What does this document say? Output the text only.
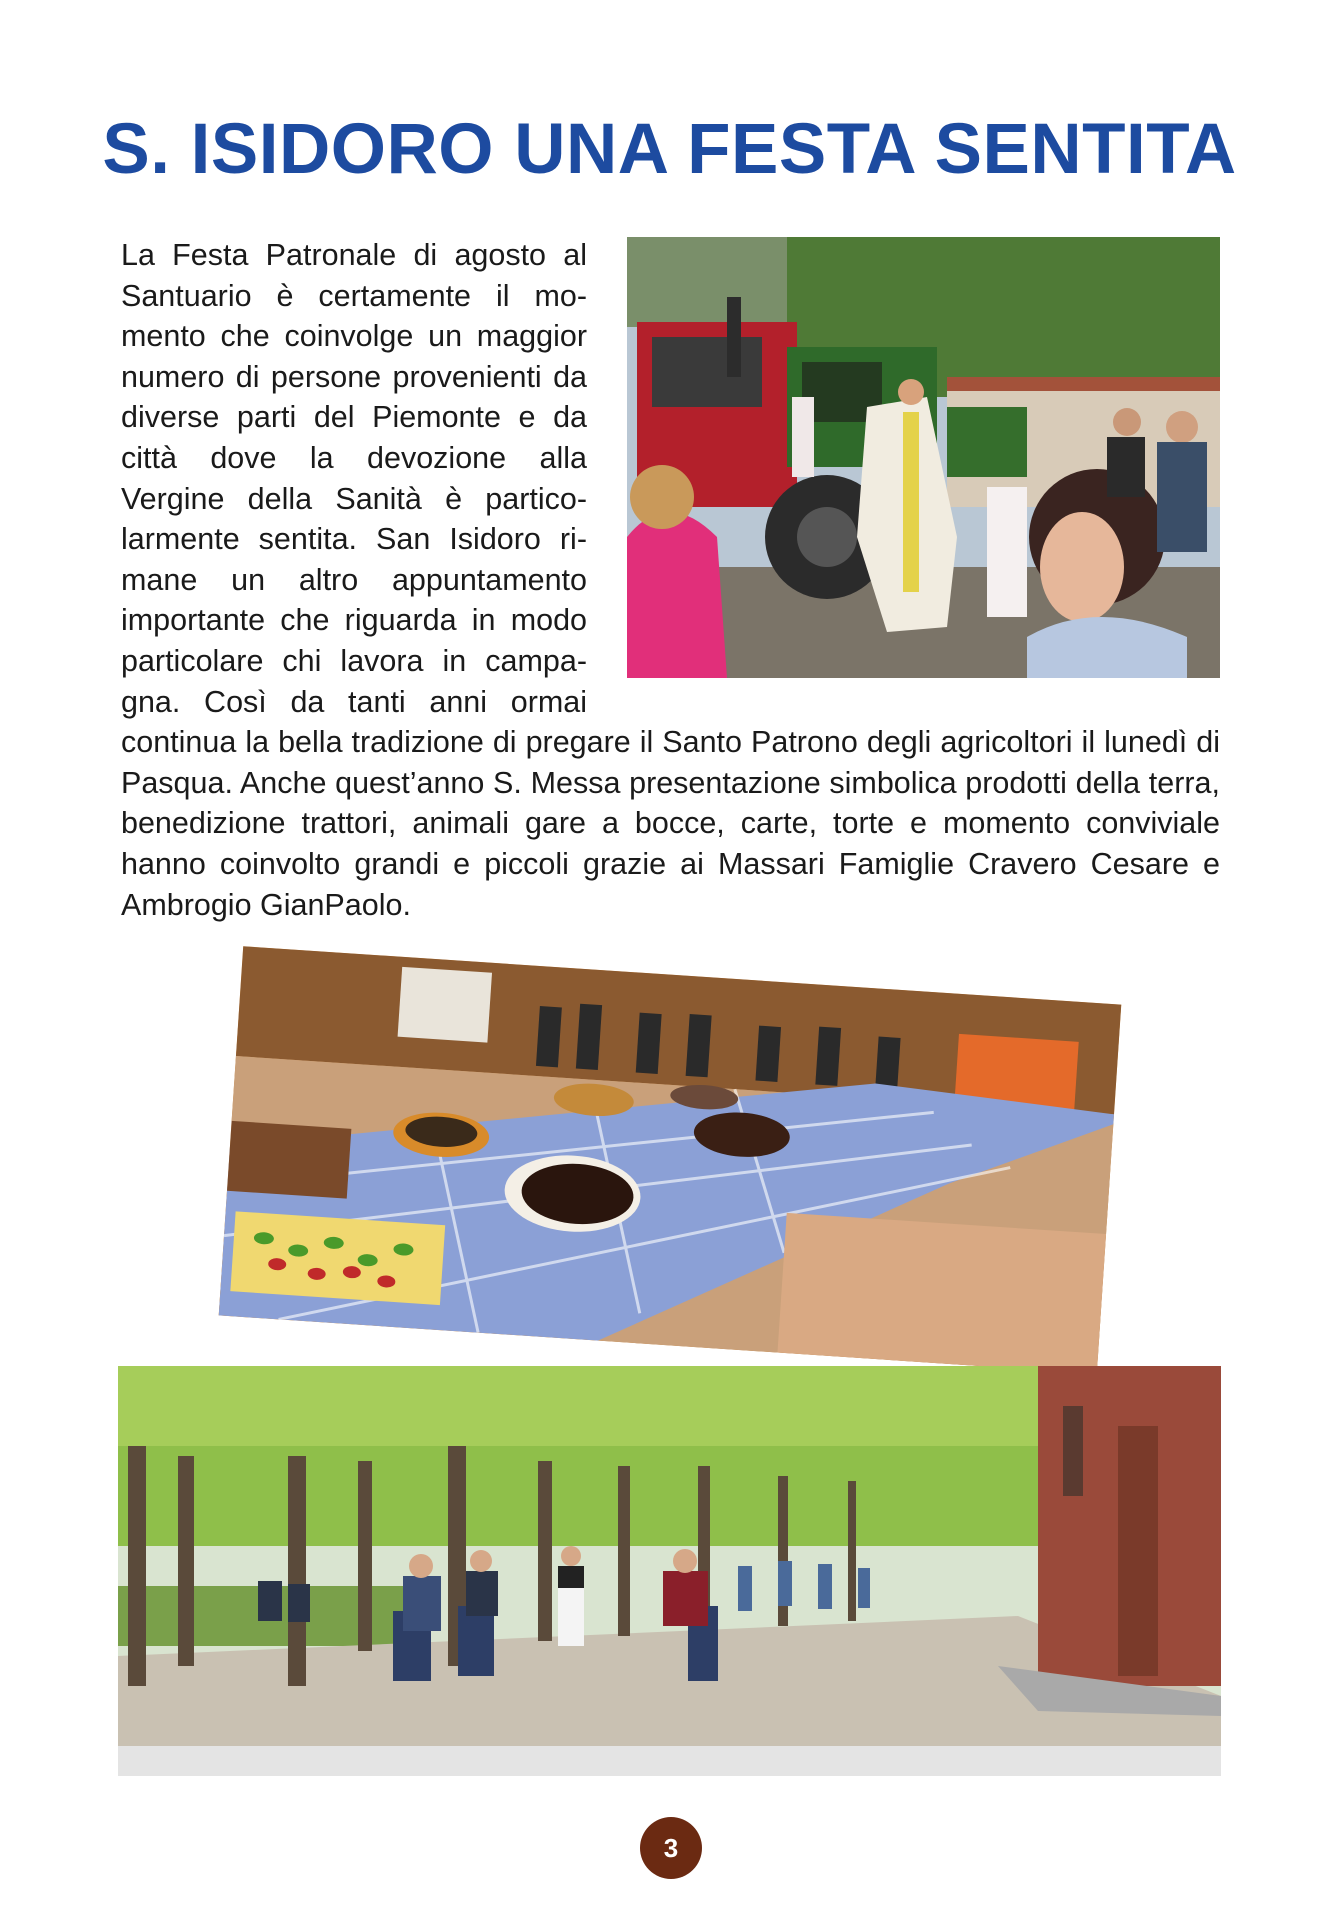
S. ISIDORO UNA FESTA SENTITA

La Festa Patronale di agosto al Santuario è certamente il momento che coinvolge un maggior numero di persone provenienti da diverse parti del Piemonte e da città dove la devozione alla Vergine della Sanità è particolarmente sentita. San Isidoro rimane un altro appuntamento importante che riguarda in modo particolare chi lavora in campagna. Così da tanti anni ormai continua la bella tradizione di pregare il Santo Patrono degli agricoltori il lunedì di Pasqua. Anche quest’anno S. Messa presentazione simbolica prodotti della terra, benedizione trattori, animali gare a bocce, carte, torte e momento conviviale hanno coinvolto grandi e piccoli grazie ai Massari Famiglie Cravero Cesare e Ambrogio GianPaolo.

3
